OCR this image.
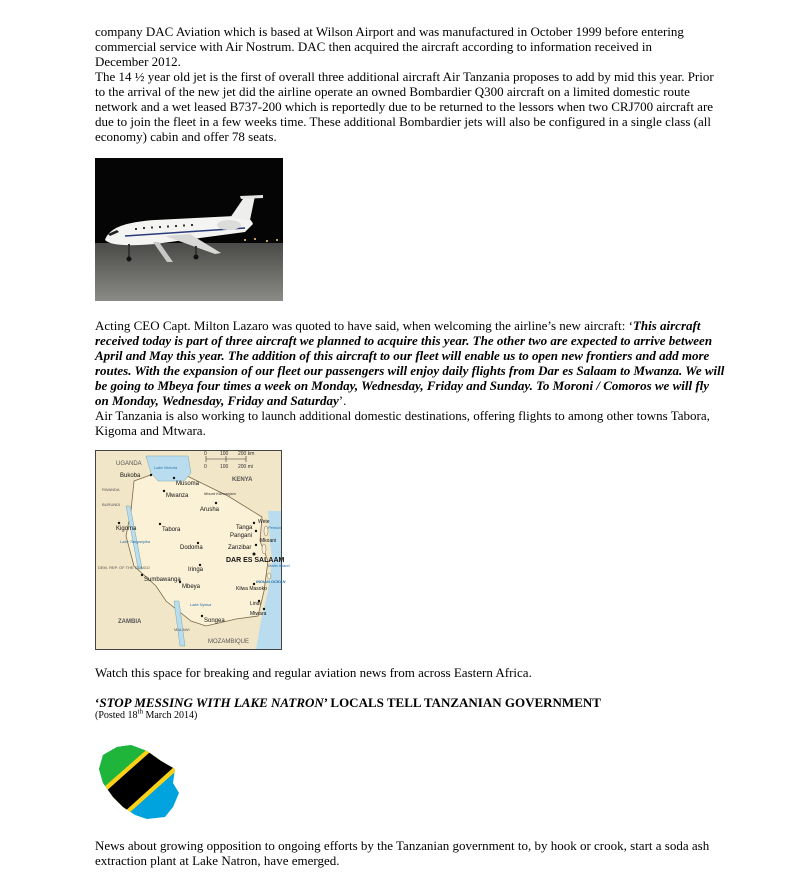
company DAC Aviation which is based at Wilson Airport and was manufactured in October 1999 before entering

commercial service with Air Nostrum. DAC then acquired the aircraft according to information received in

December 2012.

The 14 ½ year old jet is the first of overall three additional aircraft Air Tanzania proposes to add by mid this year. Prior to the arrival of the new jet did the airline operate an owned Bombardier Q300 aircraft on a limited domestic route network and a wet leased B737-200 which is reportedly due to be returned to the lessors when two CRJ700 aircraft are due to join the fleet in a few weeks time. These additional Bombardier jets will also be configured in a single class (all economy) cabin and offer 78 seats.

Acting CEO Capt. Milton Lazaro was quoted to have said, when welcoming the airline’s new aircraft: ‘This aircraft received today is part of three aircraft we planned to acquire this year. The other two are expected to arrive between April and May this year. The addition of this aircraft to our fleet will enable us to open new frontiers and add more routes. With the expansion of our fleet our passengers will enjoy daily flights from Dar es Salaam to Mwanza. We will be going to Mbeya four times a week on Monday, Wednesday, Friday and Sunday. To Moroni / Comoros we will fly on Monday, Wednesday, Friday and Saturday’.

Air Tanzania is also working to launch additional domestic destinations, offering flights to among other towns Tabora, Kigoma and Mtwara.

0	100 200 km
0	100 200 mi
UGANDA
KENYA
RWANDA
BURUNDI
DEM. REP. OF THE CONGO
ZAMBIA
MALAWI
MOZAMBIQUE
Lake Victoria
Lake Tanganyika
Lake Nyasa
INDIAN OCEAN
Mount Kilimanjaro
Pemba
Mafia Island
Bukoba
Musoma
Mwanza
Arusha
Tanga
Pangani
Zanzibar
DAR ES SALAAM
Kigoma	Tabora
Dodoma
Iringa
Sumbawanga
Mbeya
Songea
Kilwa Masoko
Lindi
Mtwara
Wete
Mkoani

Watch this space for breaking and regular aviation news from across Eastern Africa.

‘STOP MESSING WITH LAKE NATRON’ LOCALS TELL TANZANIAN GOVERNMENT
(Posted 18th March 2014)

News about growing opposition to ongoing efforts by the Tanzanian government to, by hook or crook, start a soda ash extraction plant at Lake Natron, have emerged.
